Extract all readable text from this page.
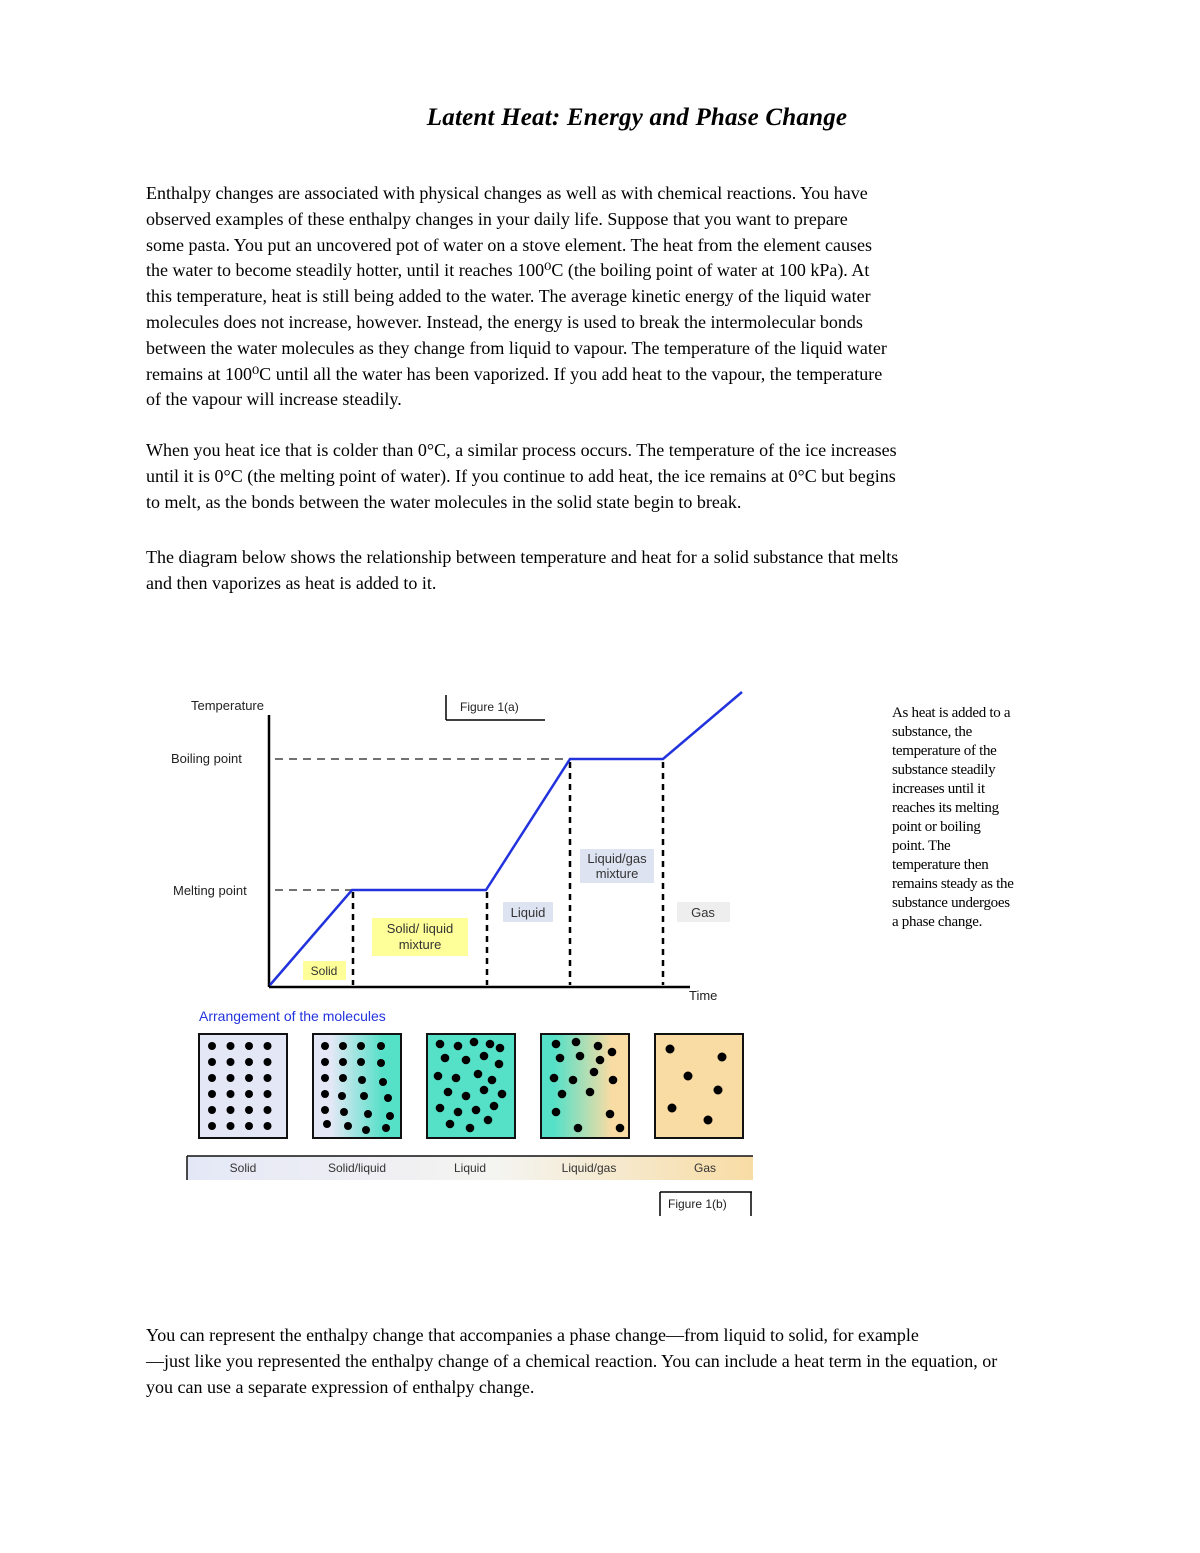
Latent Heat: Energy and Phase Change
Enthalpy changes are associated with physical changes as well as with chemical reactions. You have
observed examples of these enthalpy changes in your daily life. Suppose that you want to prepare
some pasta. You put an uncovered pot of water on a stove element. The heat from the element causes
the water to become steadily hotter, until it reaches 100⁰C (the boiling point of water at 100 kPa). At
this temperature, heat is still being added to the water. The average kinetic energy of the liquid water
molecules does not increase, however. Instead, the energy is used to break the intermolecular bonds
between the water molecules as they change from liquid to vapour. The temperature of the liquid water
remains at 100⁰C until all the water has been vaporized. If you add heat to the vapour, the temperature
of the vapour will increase steadily.
When you heat ice that is colder than 0°C, a similar process occurs. The temperature of the ice increases
until it is 0°C (the melting point of water). If you continue to add heat, the ice remains at 0°C but begins
to melt, as the bonds between the water molecules in the solid state begin to break.
The diagram below shows the relationship between temperature and heat for a solid substance that melts
and then vaporizes as heat is added to it.
Figure 1(a)
Temperature
Time
Boiling point
Melting point
Solid
Solid/ liquid
mixture
Liquid
Liquid/gas
mixture
Gas
Arrangement of the molecules
Solid	Solid/liquid	Liquid	Liquid/gas	Gas
Figure 1(b)
As heat is added to a
substance, the
temperature of the
substance steadily
increases until it
reaches its melting
point or boiling
point. The
temperature then
remains steady as the
substance undergoes
a phase change.
You can represent the enthalpy change that accompanies a phase change—from liquid to solid, for example
—just like you represented the enthalpy change of a chemical reaction. You can include a heat term in the equation, or
you can use a separate expression of enthalpy change.
